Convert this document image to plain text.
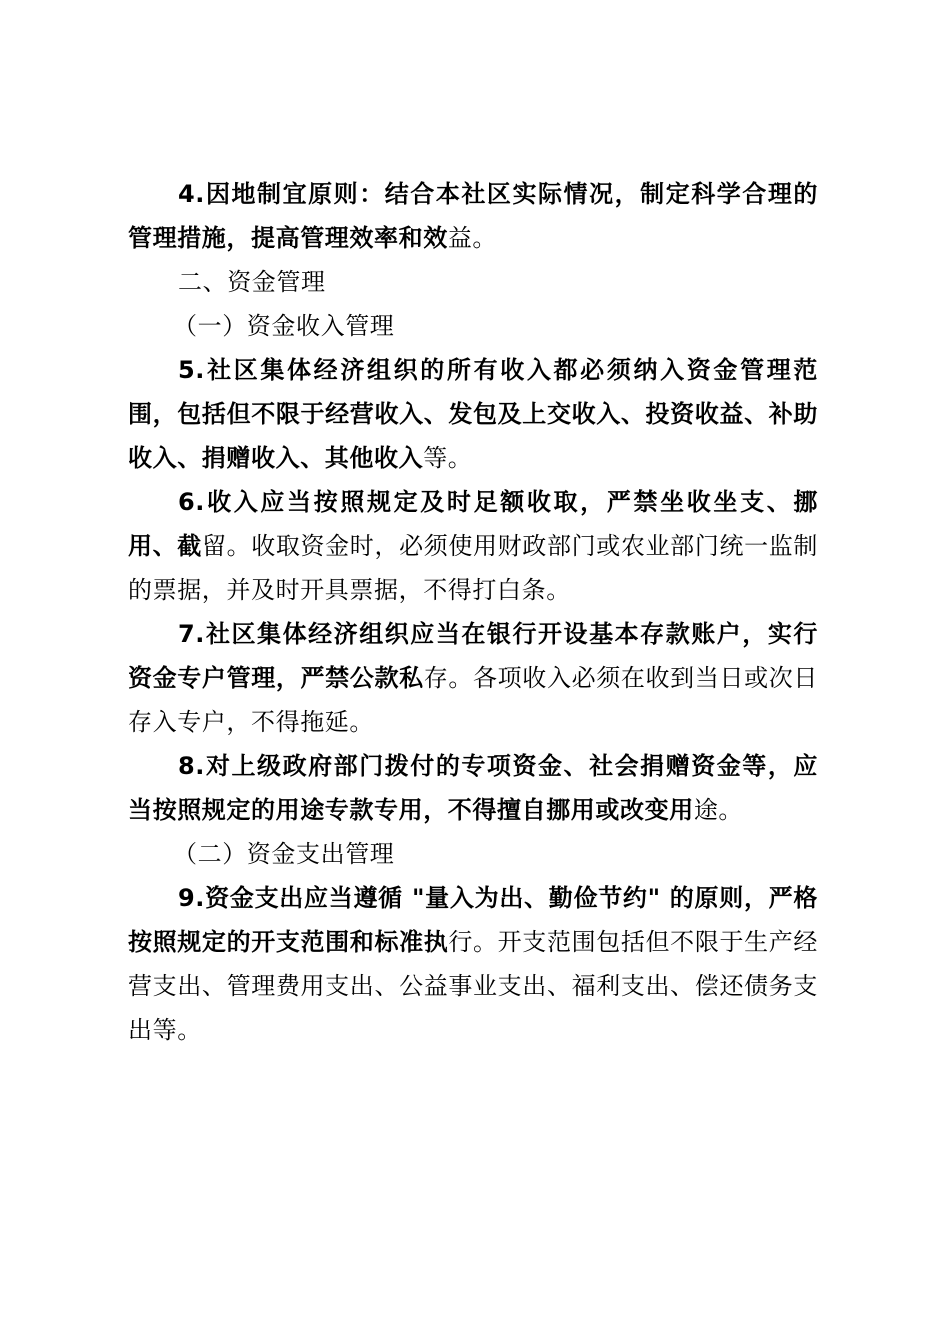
4.因地制宜原则：结合本社区实际情况，制定科学合理的管理措施，提高管理效率和效益。

二、资金管理

（一）资金收入管理

5.社区集体经济组织的所有收入都必须纳入资金管理范围，包括但不限于经营收入、发包及上交收入、投资收益、补助收入、捐赠收入、其他收入等。

6.收入应当按照规定及时足额收取，严禁坐收坐支、挪用、截留。收取资金时，必须使用财政部门或农业部门统一监制的票据，并及时开具票据，不得打白条。

7.社区集体经济组织应当在银行开设基本存款账户，实行资金专户管理，严禁公款私存。各项收入必须在收到当日或次日存入专户，不得拖延。

8.对上级政府部门拨付的专项资金、社会捐赠资金等，应当按照规定的用途专款专用，不得擅自挪用或改变用途。

（二）资金支出管理

9.资金支出应当遵循 "量入为出、勤俭节约" 的原则，严格按照规定的开支范围和标准执行。开支范围包括但不限于生产经营支出、管理费用支出、公益事业支出、福利支出、偿还债务支出等。
